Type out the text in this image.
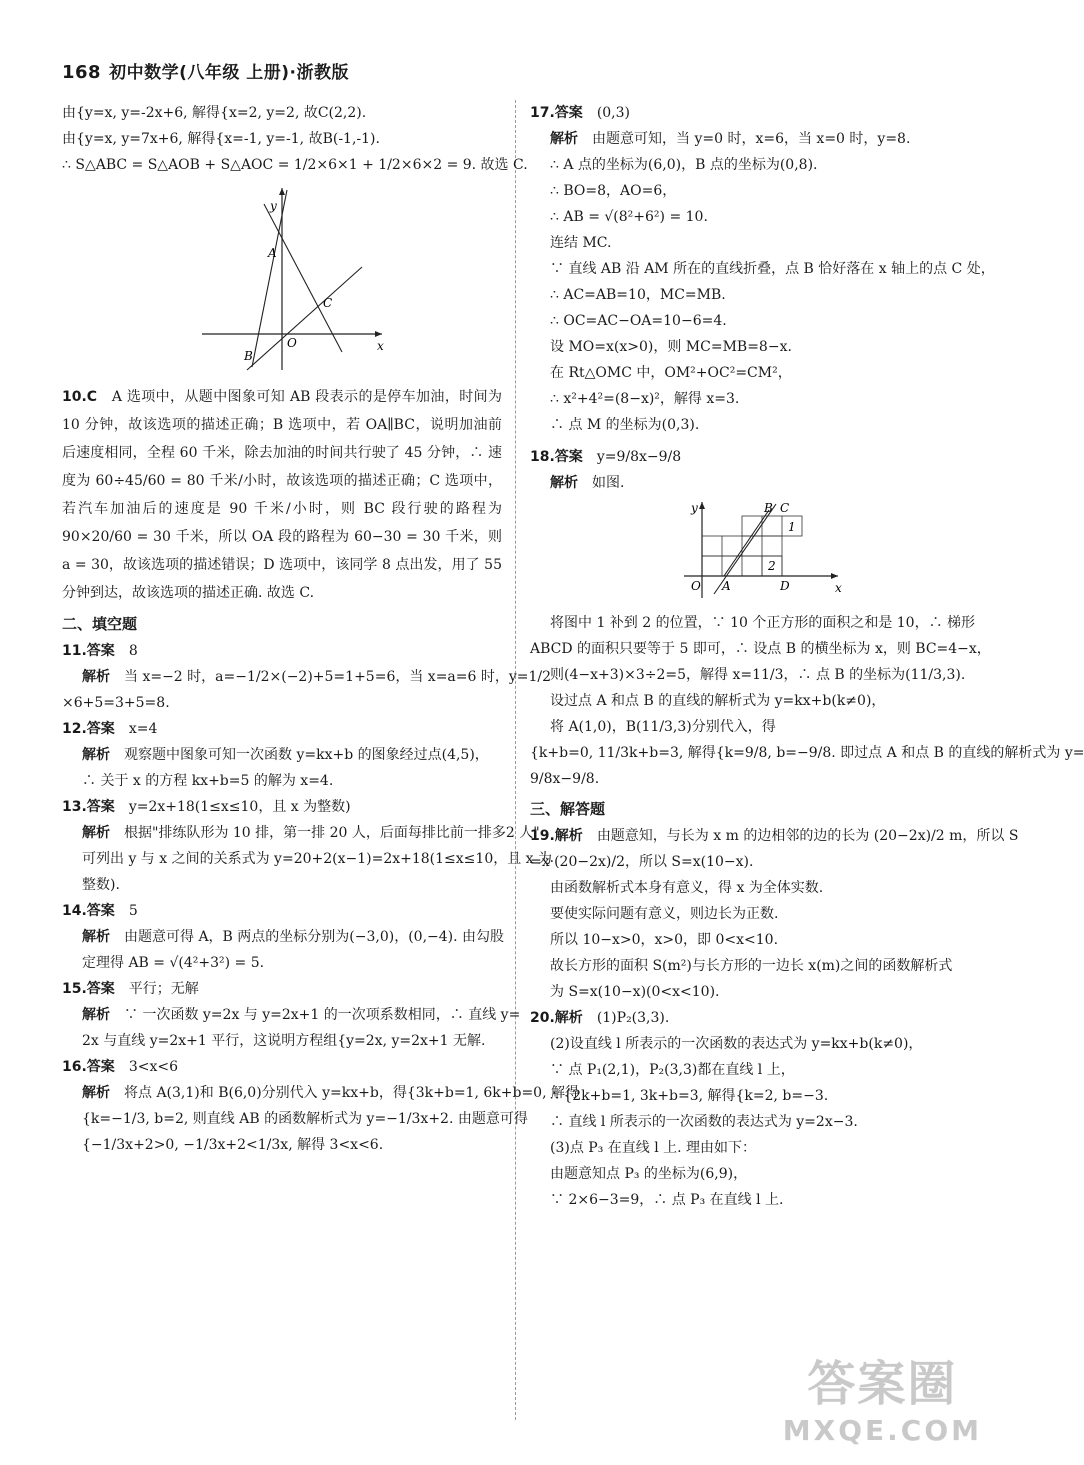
168 初中数学(八年级 上册)·浙教版
由{y=x, y=-2x+6, 解得{x=2, y=2, 故C(2,2).
由{y=x, y=7x+6, 解得{x=-1, y=-1, 故B(-1,-1).
∴ S△ABC = S△AOB + S△AOC = 1/2×6×1 + 1/2×6×2 = 9. 故选 C.
y
x
A
B
C
O
10.C　 A 选项中，从题中图象可知 AB 段表示的是停车加油，时间为 10 分钟，故该选项的描述正确；B 选项中，若 OA∥BC，说明加油前后速度相同，全程 60 千米，除去加油的时间共行驶了 45 分钟，∴ 速度为 60÷45/60 = 80 千米/小时，故该选项的描述正确；C 选项中，若汽车加油后的速度是 90 千米/小时，则 BC 段行驶的路程为 90×20/60 = 30 千米，所以 OA 段的路程为 60−30 = 30 千米，则 a = 30，故该选项的描述错误；D 选项中，该同学 8 点出发，用了 55 分钟到达，故该选项的描述正确. 故选 C.
二、填空题
11.答案　 8
解析　 当 x=−2 时，a=−1/2×(−2)+5=1+5=6，当 x=a=6 时，y=1/2
×6+5=3+5=8.
12.答案　 x=4
解析　 观察题中图象可知一次函数 y=kx+b 的图象经过点(4,5)，
∴ 关于 x 的方程 kx+b=5 的解为 x=4.
13.答案　 y=2x+18(1≤x≤10，且 x 为整数)
解析　 根据"排练队形为 10 排，第一排 20 人，后面每排比前一排多2 人"
可列出 y 与 x 之间的关系式为 y=20+2(x−1)=2x+18(1≤x≤10，且 x 为
整数).
14.答案　 5
解析　 由题意可得 A，B 两点的坐标分别为(−3,0)，(0,−4). 由勾股
定理得 AB = √(4²+3²) = 5.
15.答案　 平行；无解
解析　 ∵ 一次函数 y=2x 与 y=2x+1 的一次项系数相同，∴ 直线 y=
2x 与直线 y=2x+1 平行，这说明方程组{y=2x, y=2x+1 无解.
16.答案　 3<x<6
解析　 将点 A(3,1)和 B(6,0)分别代入 y=kx+b，得{3k+b=1, 6k+b=0, 解得
{k=−1/3, b=2, 则直线 AB 的函数解析式为 y=−1/3x+2. 由题意可得
{−1/3x+2>0, −1/3x+2<1/3x, 解得 3<x<6.
17.答案　 (0,3)
解析　 由题意可知，当 y=0 时，x=6，当 x=0 时，y=8.
∴ A 点的坐标为(6,0)，B 点的坐标为(0,8).
∴ BO=8，AO=6，
∴ AB = √(8²+6²) = 10.
连结 MC.
∵ 直线 AB 沿 AM 所在的直线折叠，点 B 恰好落在 x 轴上的点 C 处，
∴ AC=AB=10，MC=MB.
∴ OC=AC−OA=10−6=4.
设 MO=x(x>0)，则 MC=MB=8−x.
在 Rt△OMC 中，OM²+OC²=CM²，
∴ x²+4²=(8−x)²，解得 x=3.
∴ 点 M 的坐标为(0,3).
18.答案　 y=9/8x−9/8
解析　 如图.
y
x
O A	D
B C
1
2
将图中 1 补到 2 的位置，∵ 10 个正方形的面积之和是 10，∴ 梯形
ABCD 的面积只要等于 5 即可，∴ 设点 B 的横坐标为 x，则 BC=4−x，
则(4−x+3)×3÷2=5，解得 x=11/3，∴ 点 B 的坐标为(11/3,3).
设过点 A 和点 B 的直线的解析式为 y=kx+b(k≠0)，
将 A(1,0)，B(11/3,3)分别代入，得
{k+b=0, 11/3k+b=3, 解得{k=9/8, b=−9/8. 即过点 A 和点 B 的直线的解析式为 y=
9/8x−9/8.
三、解答题
19.解析　 由题意知，与长为 x m 的边相邻的边的长为 (20−2x)/2 m，所以 S
=x·(20−2x)/2，所以 S=x(10−x).
由函数解析式本身有意义，得 x 为全体实数.
要使实际问题有意义，则边长为正数.
所以 10−x>0，x>0，即 0<x<10.
故长方形的面积 S(m²)与长方形的一边长 x(m)之间的函数解析式
为 S=x(10−x)(0<x<10).
20.解析　 (1)P₂(3,3).
(2)设直线 l 所表示的一次函数的表达式为 y=kx+b(k≠0)，
∵ 点 P₁(2,1)，P₂(3,3)都在直线 l 上，
∴ {2k+b=1, 3k+b=3, 解得{k=2, b=−3.
∴ 直线 l 所表示的一次函数的表达式为 y=2x−3.
(3)点 P₃ 在直线 l 上. 理由如下：
由题意知点 P₃ 的坐标为(6,9)，
∵ 2×6−3=9，∴ 点 P₃ 在直线 l 上.
答案圈
MXQE.COM
